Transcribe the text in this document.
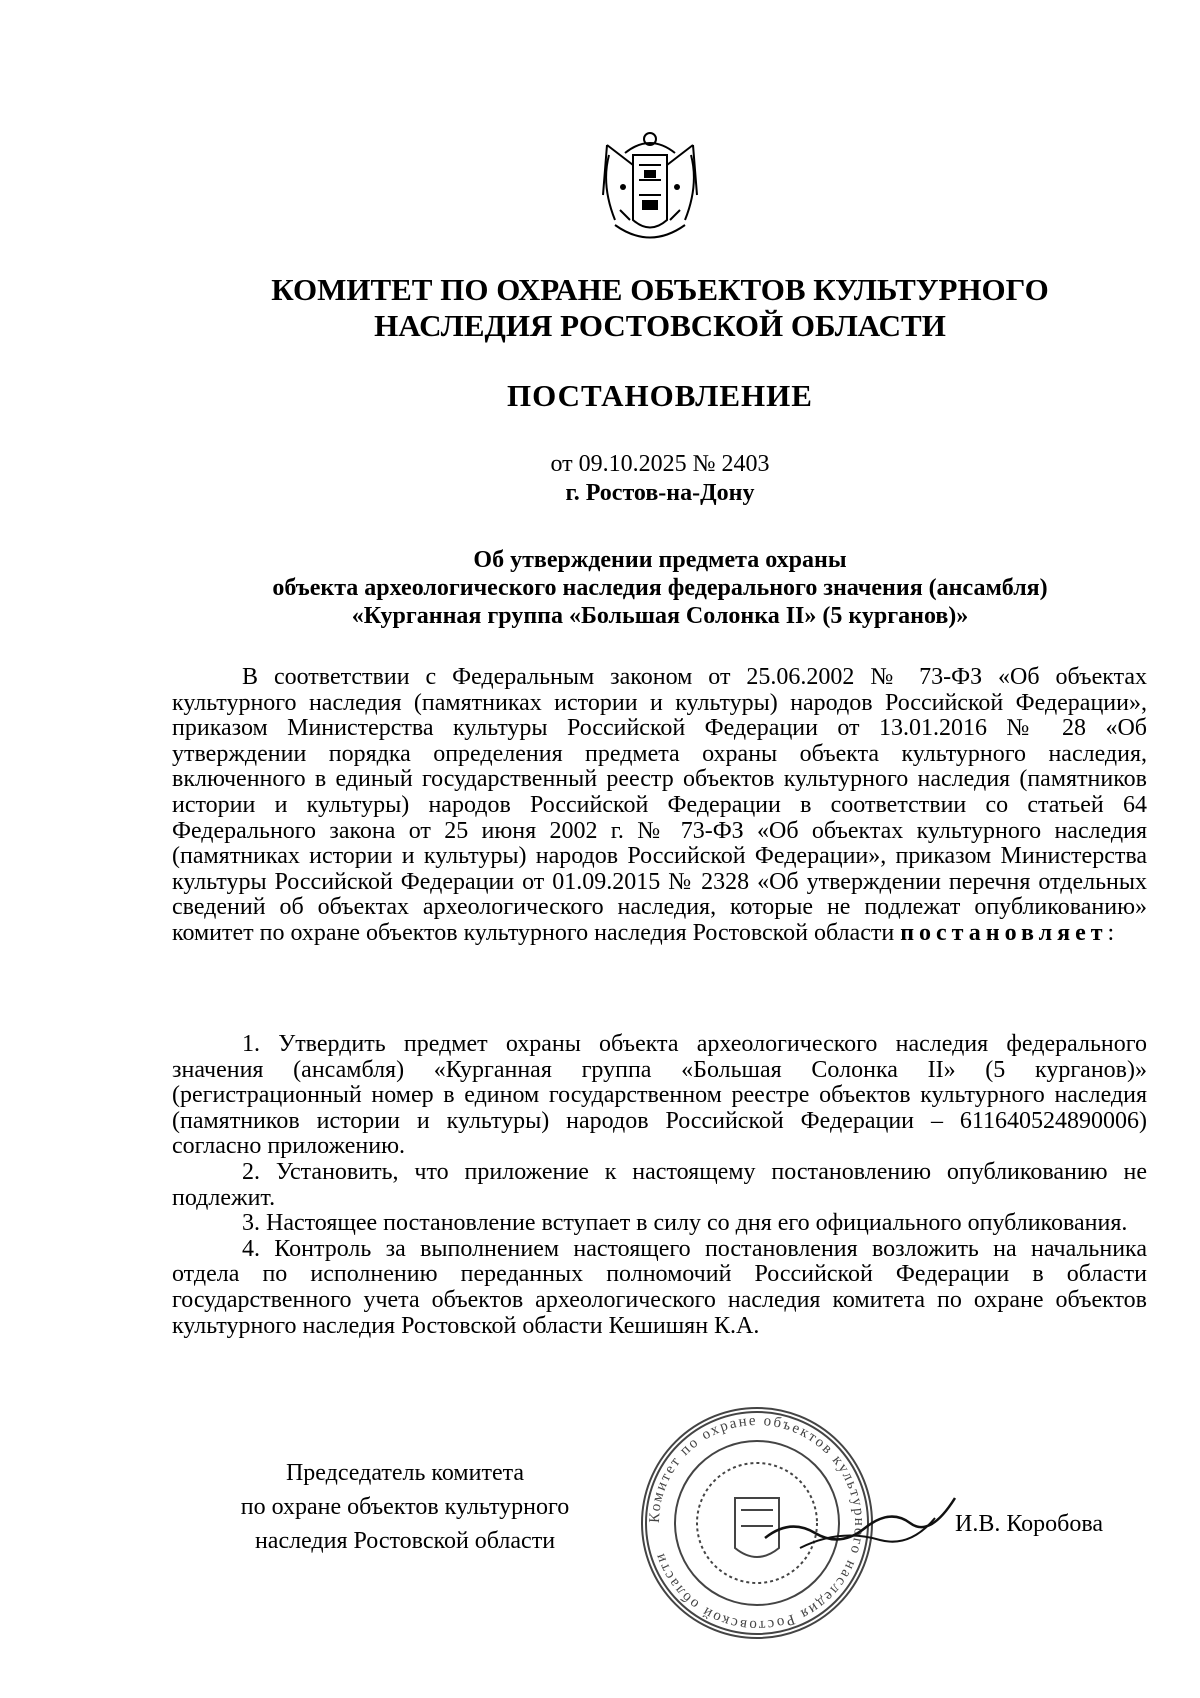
КОМИТЕТ ПО ОХРАНЕ ОБЪЕКТОВ КУЛЬТУРНОГО
НАСЛЕДИЯ РОСТОВСКОЙ ОБЛАСТИ
ПОСТАНОВЛЕНИЕ
от 09.10.2025 № 2403
г. Ростов-на-Дону
Об утверждении предмета охраны
объекта археологического наследия федерального значения (ансамбля)
«Курганная группа «Большая Солонка II» (5 курганов)»

В соответствии с Федеральным законом от 25.06.2002 № 73-ФЗ «Об объектах культурного наследия (памятниках истории и культуры) народов Российской Федерации», приказом Министерства культуры Российской Федерации от 13.01.2016 № 28 «Об утверждении порядка определения предмета охраны объекта культурного наследия, включенного в единый государственный реестр объектов культурного наследия (памятников истории и культуры) народов Российской Федерации в соответствии со статьей 64 Федерального закона от 25 июня 2002 г. № 73-ФЗ «Об объектах культурного наследия (памятниках истории и культуры) народов Российской Федерации», приказом Министерства культуры Российской Федерации от 01.09.2015 № 2328 «Об утверждении перечня отдельных сведений об объектах археологического наследия, которые не подлежат опубликованию» комитет по охране объектов культурного наследия Ростовской области постановляет:

1. Утвердить предмет охраны объекта археологического наследия федерального значения (ансамбля) «Курганная группа «Большая Солонка II» (5 курганов)» (регистрационный номер в едином государственном реестре объектов культурного наследия (памятников истории и культуры) народов Российской Федерации – 611640524890006) согласно приложению.

2. Установить, что приложение к настоящему постановлению опубликованию не подлежит.

3. Настоящее постановление вступает в силу со дня его официального опубликования.

4. Контроль за выполнением настоящего постановления возложить на начальника отдела по исполнению переданных полномочий Российской Федерации в области государственного учета объектов археологического наследия комитета по охране объектов культурного наследия Ростовской области Кешишян К.А.

Председатель комитета
по охране объектов культурного
наследия Ростовской области
Комитет по охране объектов культурного наследия Ростовской области
И.В. Коробова
